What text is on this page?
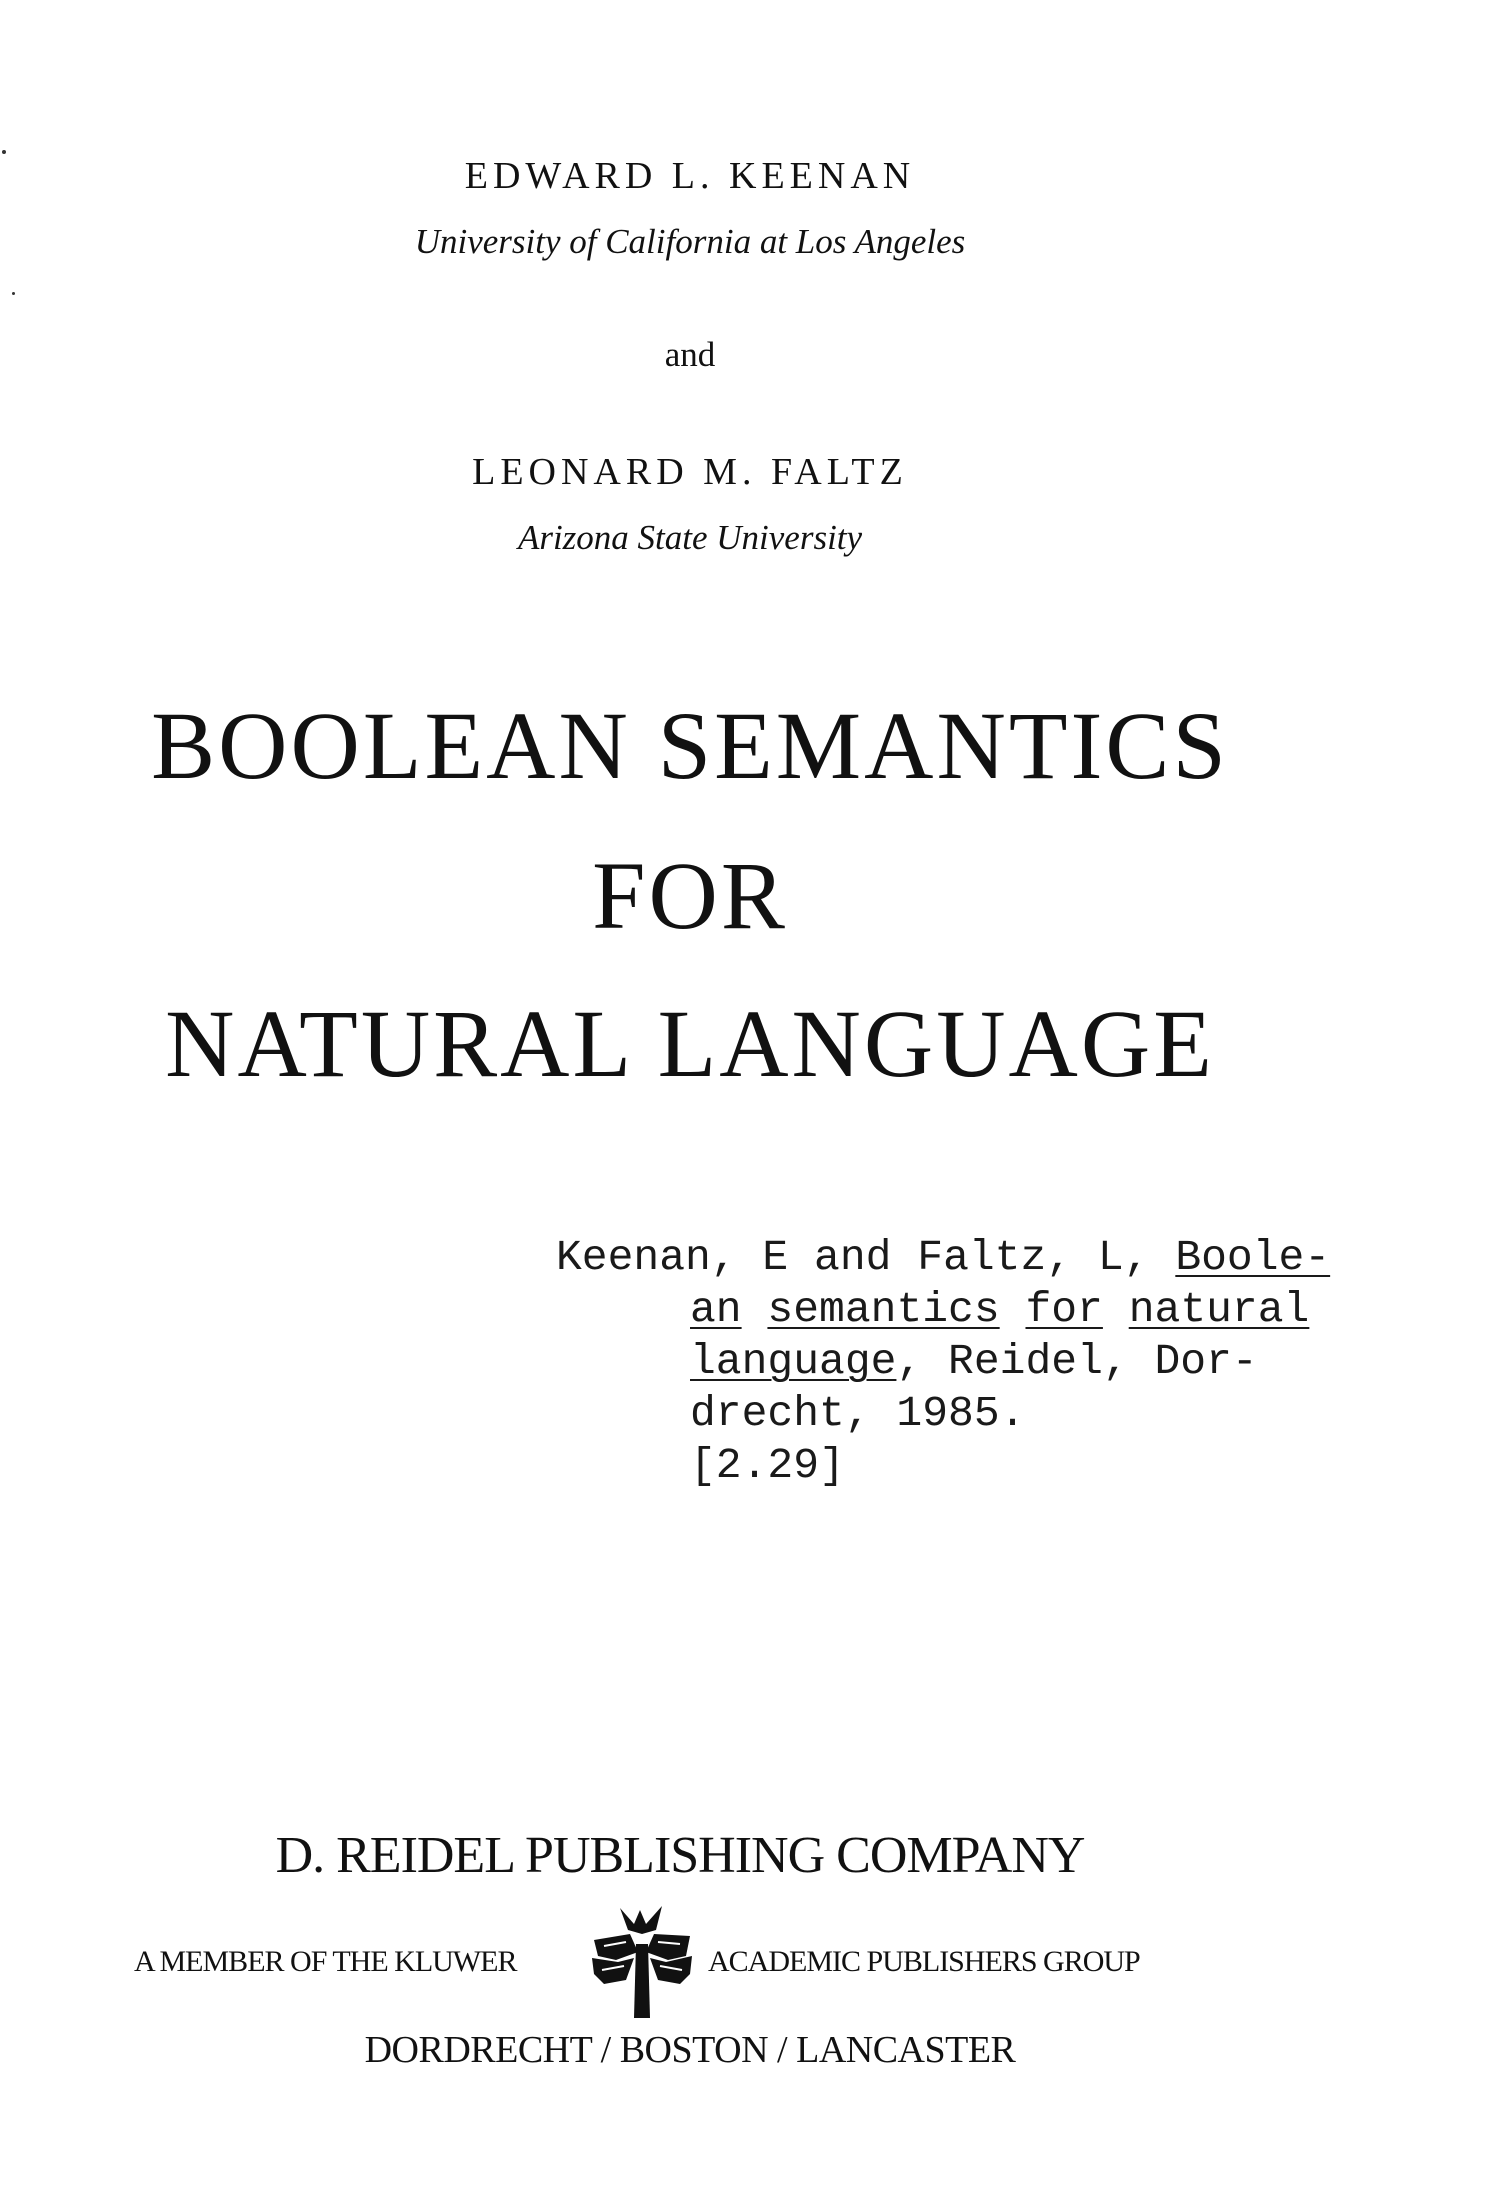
EDWARD L. KEENAN
University of California at Los Angeles
and
LEONARD M. FALTZ
Arizona State University
BOOLEAN SEMANTICS
FOR
NATURAL LANGUAGE
Keenan, E and Faltz, L, Boole-
an semantics for natural
language, Reidel, Dor-
drecht, 1985.
[2.29]
D. REIDEL PUBLISHING COMPANY
A MEMBER OF THE KLUWER	ACADEMIC PUBLISHERS GROUP
DORDRECHT / BOSTON / LANCASTER
